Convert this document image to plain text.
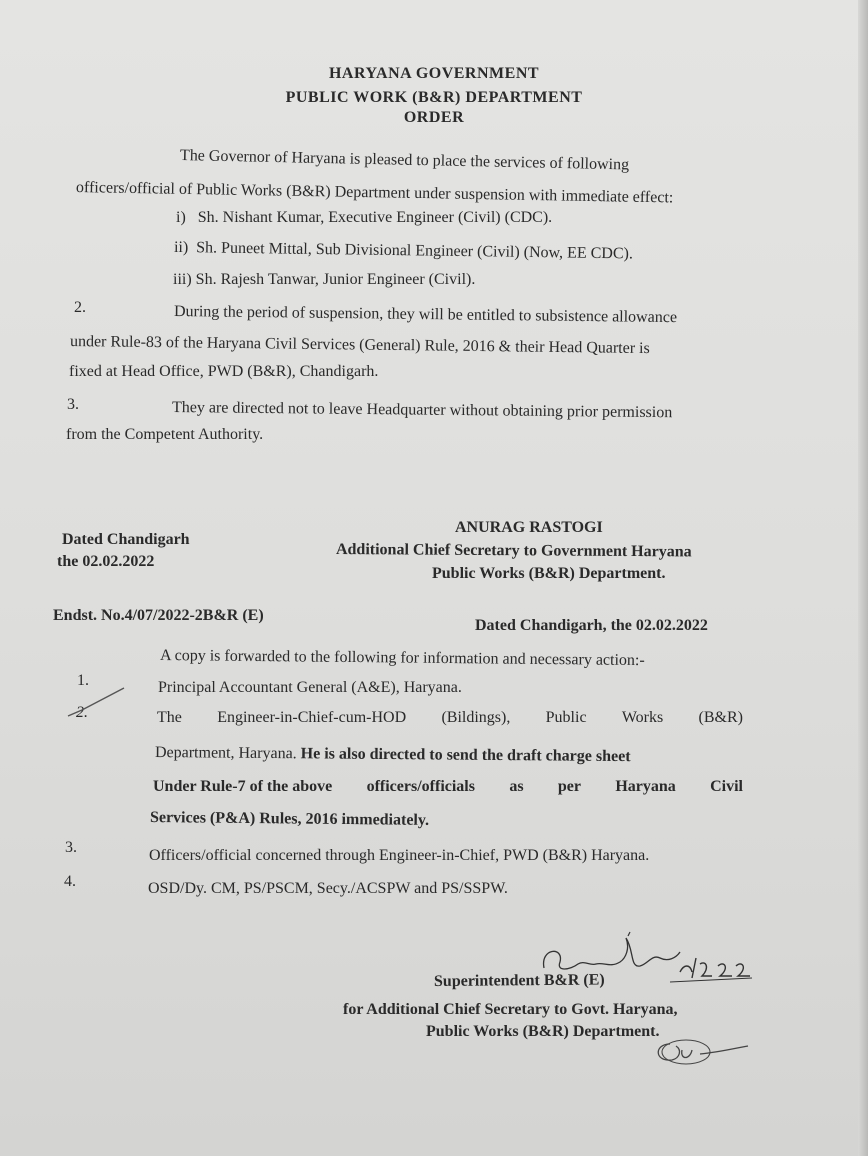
HARYANA GOVERNMENT
PUBLIC WORK (B&R) DEPARTMENT
ORDER
The Governor of Haryana is pleased to place the services of following
officers/official of Public Works (B&R) Department under suspension with immediate effect:
i)   Sh. Nishant Kumar, Executive Engineer (Civil) (CDC).
ii)  Sh. Puneet Mittal, Sub Divisional Engineer (Civil) (Now, EE CDC).
iii) Sh. Rajesh Tanwar, Junior Engineer (Civil).
2.	During the period of suspension, they will be entitled to subsistence allowance
under Rule-83 of the Haryana Civil Services (General) Rule, 2016 & their Head Quarter is
fixed at Head Office, PWD (B&R), Chandigarh.
3.	They are directed not to leave Headquarter without obtaining prior permission
from the Competent Authority.
ANURAG RASTOGI
Dated Chandigarh
Additional Chief Secretary to Government Haryana
the 02.02.2022
Public Works (B&R) Department.
Endst. No.4/07/2022-2B&R (E)
Dated Chandigarh, the 02.02.2022
A copy is forwarded to the following for information and necessary action:-
1.	Principal Accountant General (A&E), Haryana.
2.	The Engineer-in-Chief-cum-HOD (Bildings), Public Works (B&R)
Department, Haryana. He is also directed to send the draft charge sheet
Under Rule-7 of the above officers/officials as per Haryana Civil
Services (P&A) Rules, 2016 immediately.
3.	Officers/official concerned through Engineer-in-Chief, PWD (B&R) Haryana.
4.	OSD/Dy. CM, PS/PSCM, Secy./ACSPW and PS/SSPW.
Superintendent B&R (E)
for Additional Chief Secretary to Govt. Haryana,
Public Works (B&R) Department.
